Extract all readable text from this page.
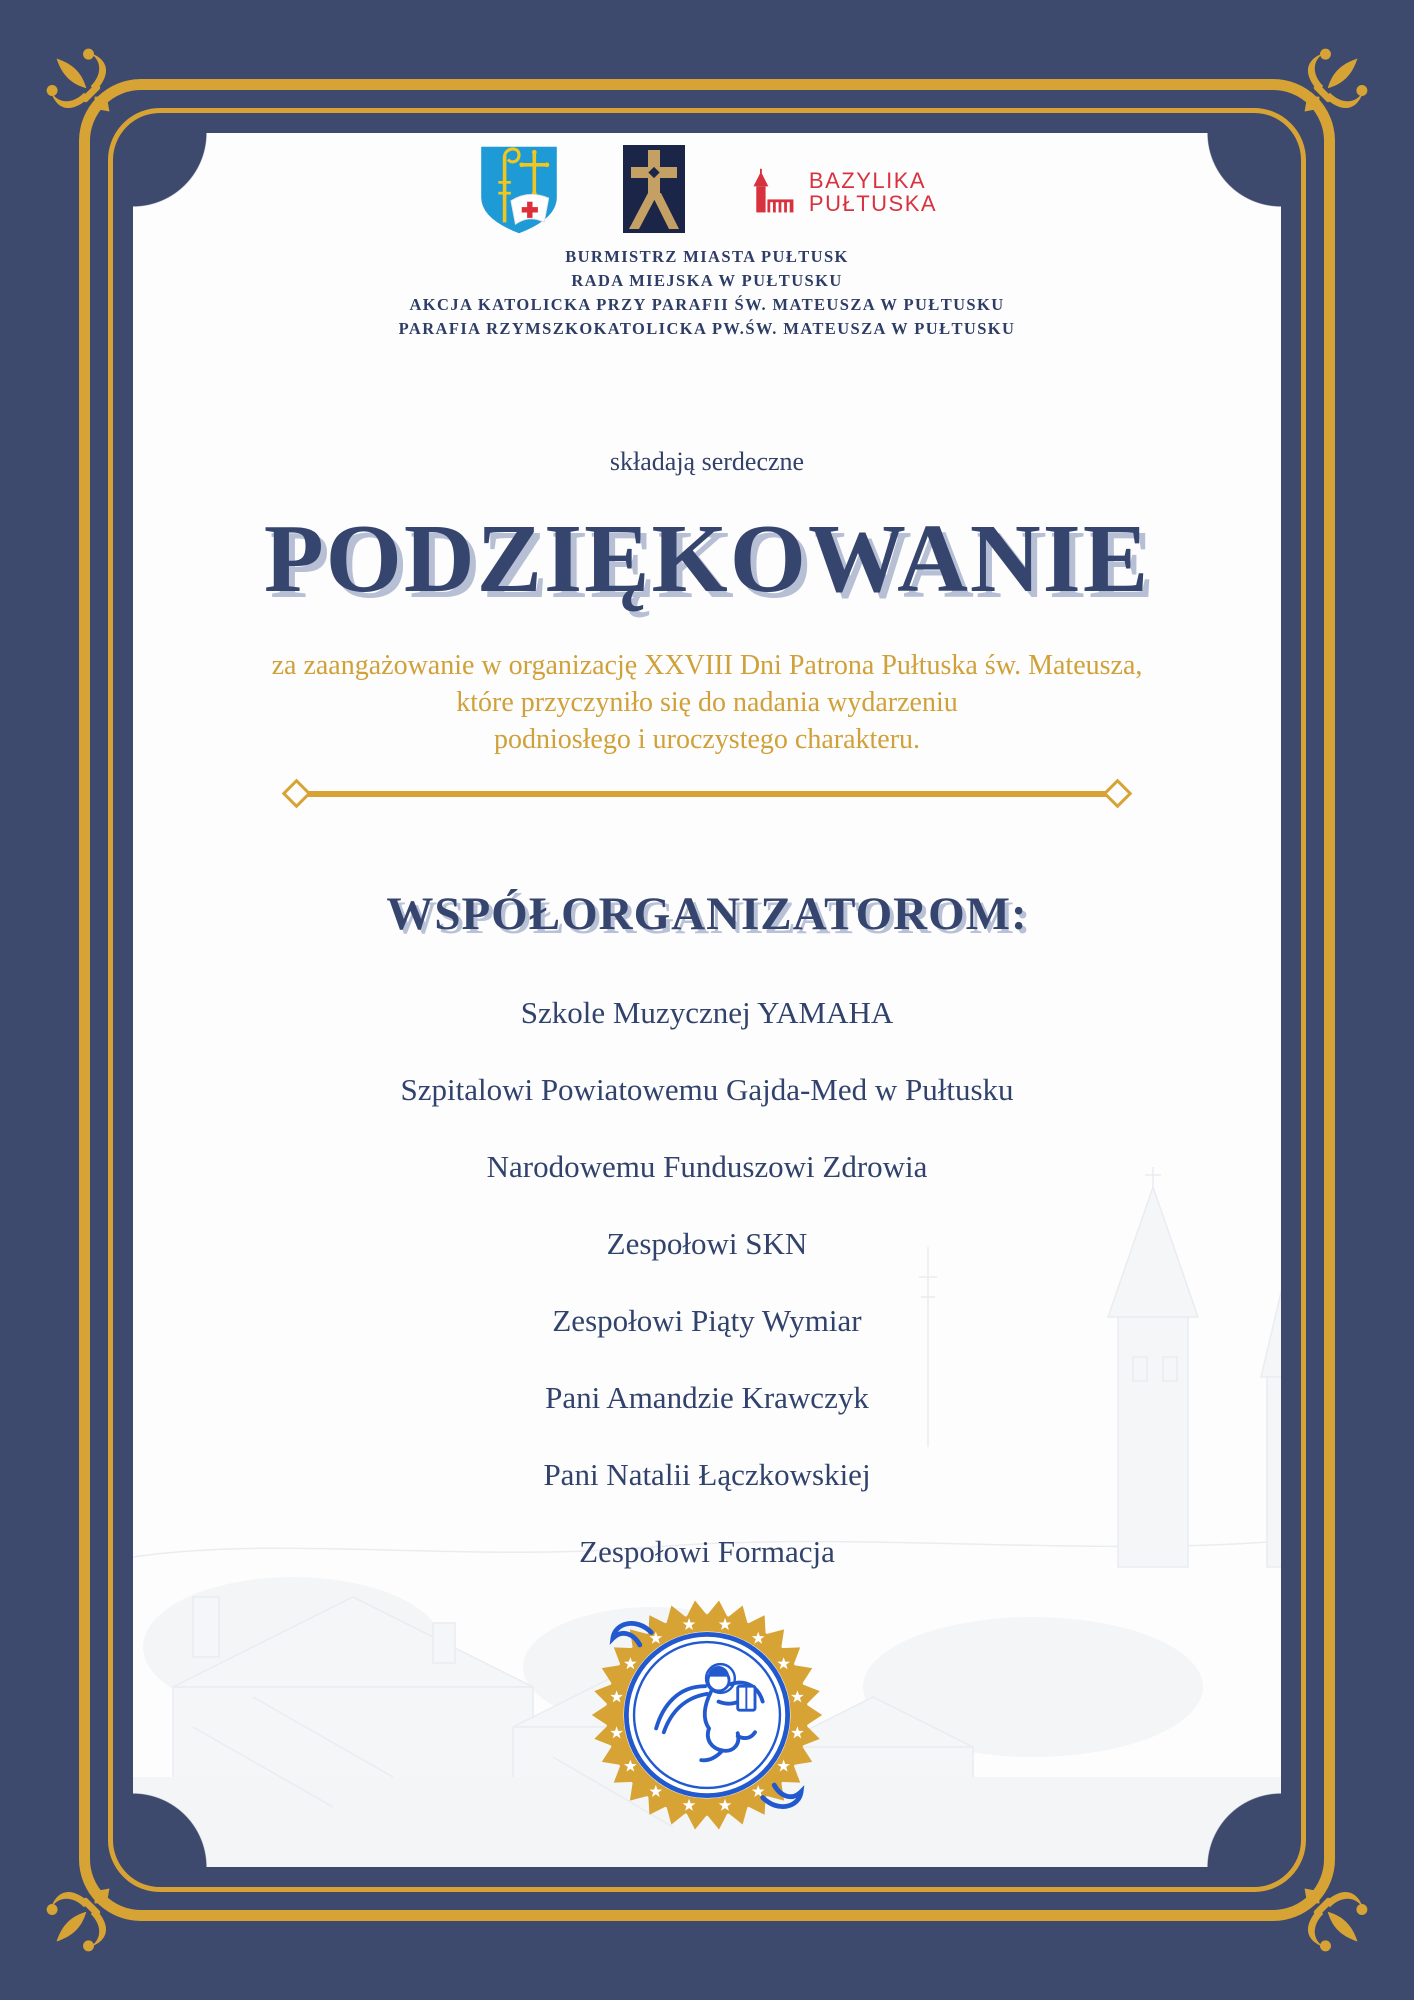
BAZYLIKA
PUŁTUSKA
BURMISTRZ MIASTA PUŁTUSK
RADA MIEJSKA W PUŁTUSKU
AKCJA KATOLICKA PRZY PARAFII ŚW. MATEUSZA W PUŁTUSKU
PARAFIA RZYMSZKOKATOLICKA PW.ŚW. MATEUSZA W PUŁTUSKU
składają serdeczne
PODZIĘKOWANIE
za zaangażowanie w organizację XXVIII Dni Patrona Pułtuska św. Mateusza,
które przyczyniło się do nadania wydarzeniu
podniosłego i uroczystego charakteru.
WSPÓŁORGANIZATOROM:
Szkole Muzycznej YAMAHA
Szpitalowi Powiatowemu Gajda-Med w Pułtusku
Narodowemu Funduszowi Zdrowia
Zespołowi SKN
Zespołowi Piąty Wymiar
Pani Amandzie Krawczyk
Pani Natalii Łączkowskiej
Zespołowi Formacja
